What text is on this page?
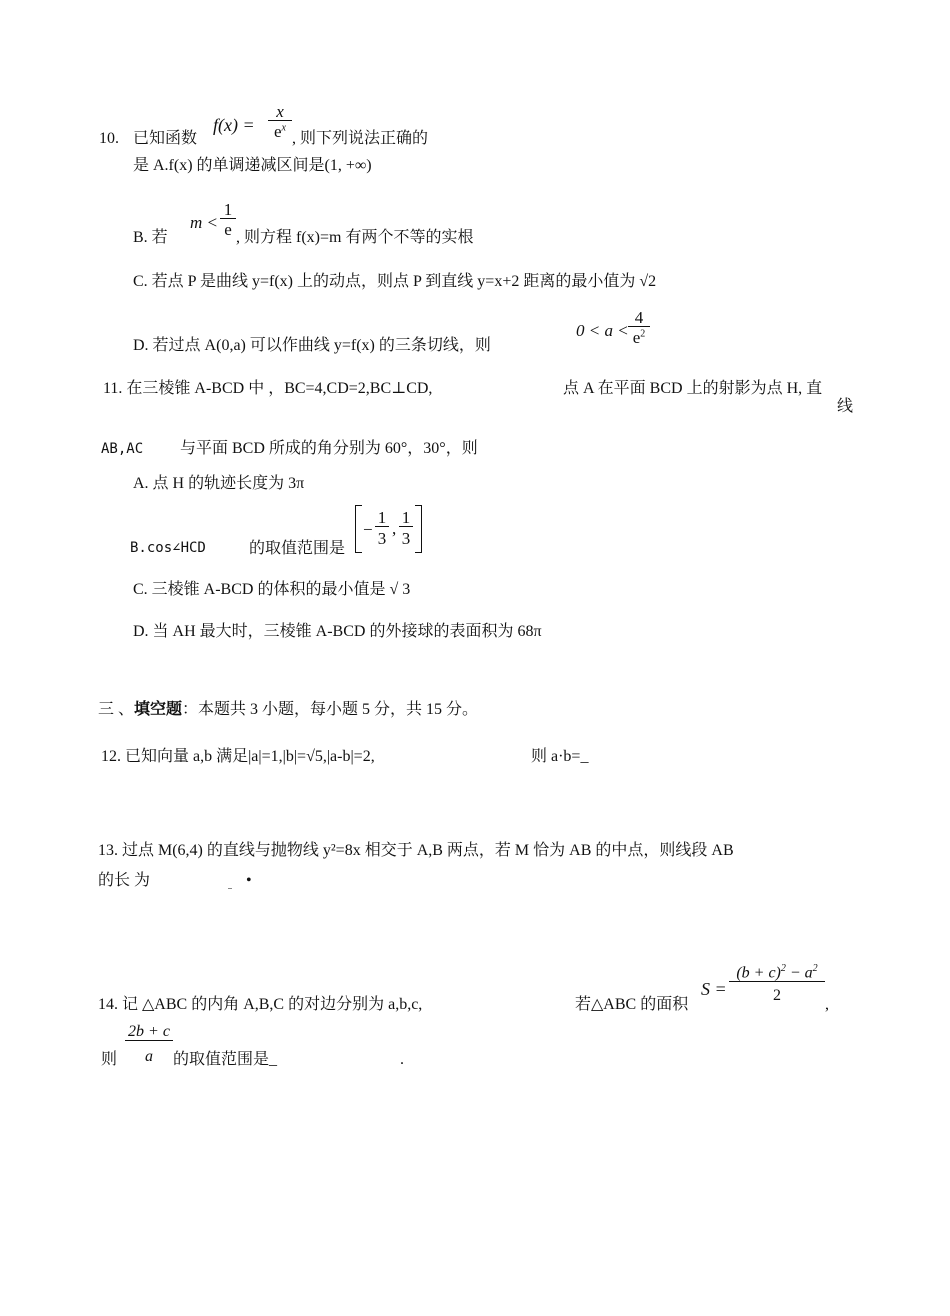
10. 已知函数
$f(x) = \frac{x}{e^x}$ , 则下列说法正确的
是 A.f(x) 的单调递减区间是(1, +∞)
B. 若
$m < \frac{1}{e}$ , 则方程 f(x)=m 有两个不等的实根
C. 若点 P 是曲线 y=f(x) 上的动点，则点 P 到直线 y=x+2 距离的最小值为 √2
D. 若过点 A(0,a) 可以作曲线 y=f(x) 的三条切线，则
$0 < a < \frac{4}{e^2}$
11. 在三棱锥 A-BCD 中 ，BC=4,CD=2,BC⊥CD,	点 A 在平面 BCD 上的射影为点 H, 直
线
AB,AC 与平面 BCD 所成的角分别为 60°，30°，则
A. 点 H 的轨迹长度为 3π
B.cos∠HCD	的取值范围是
− $\frac{1}{3}$ , $\frac{1}{3}$
C. 三棱锥 A-BCD 的体积的最小值是 √ 3
D. 当 AH 最大时，三棱锥 A-BCD 的外接球的表面积为 68π
三 、填空题：本题共 3 小题，每小题 5 分，共 15 分。
12. 已知向量 a,b 满足|a|=1,|b|=√5,|a-b|=2,	则 a·b=_
13. 过点 M(6,4) 的直线与抛物线 y²=8x 相交于 A,B 两点，若 M 恰为 AB 的中点，则线段 AB
的长 为	•
14. 记 △ABC 的内角 A,B,C 的对边分别为 a,b,c,	若△ABC 的面积
$S = \frac{(b + c)^2 - a^2}{2}$
,
$\frac{2b + c}{a}$
则	的取值范围是_	.
